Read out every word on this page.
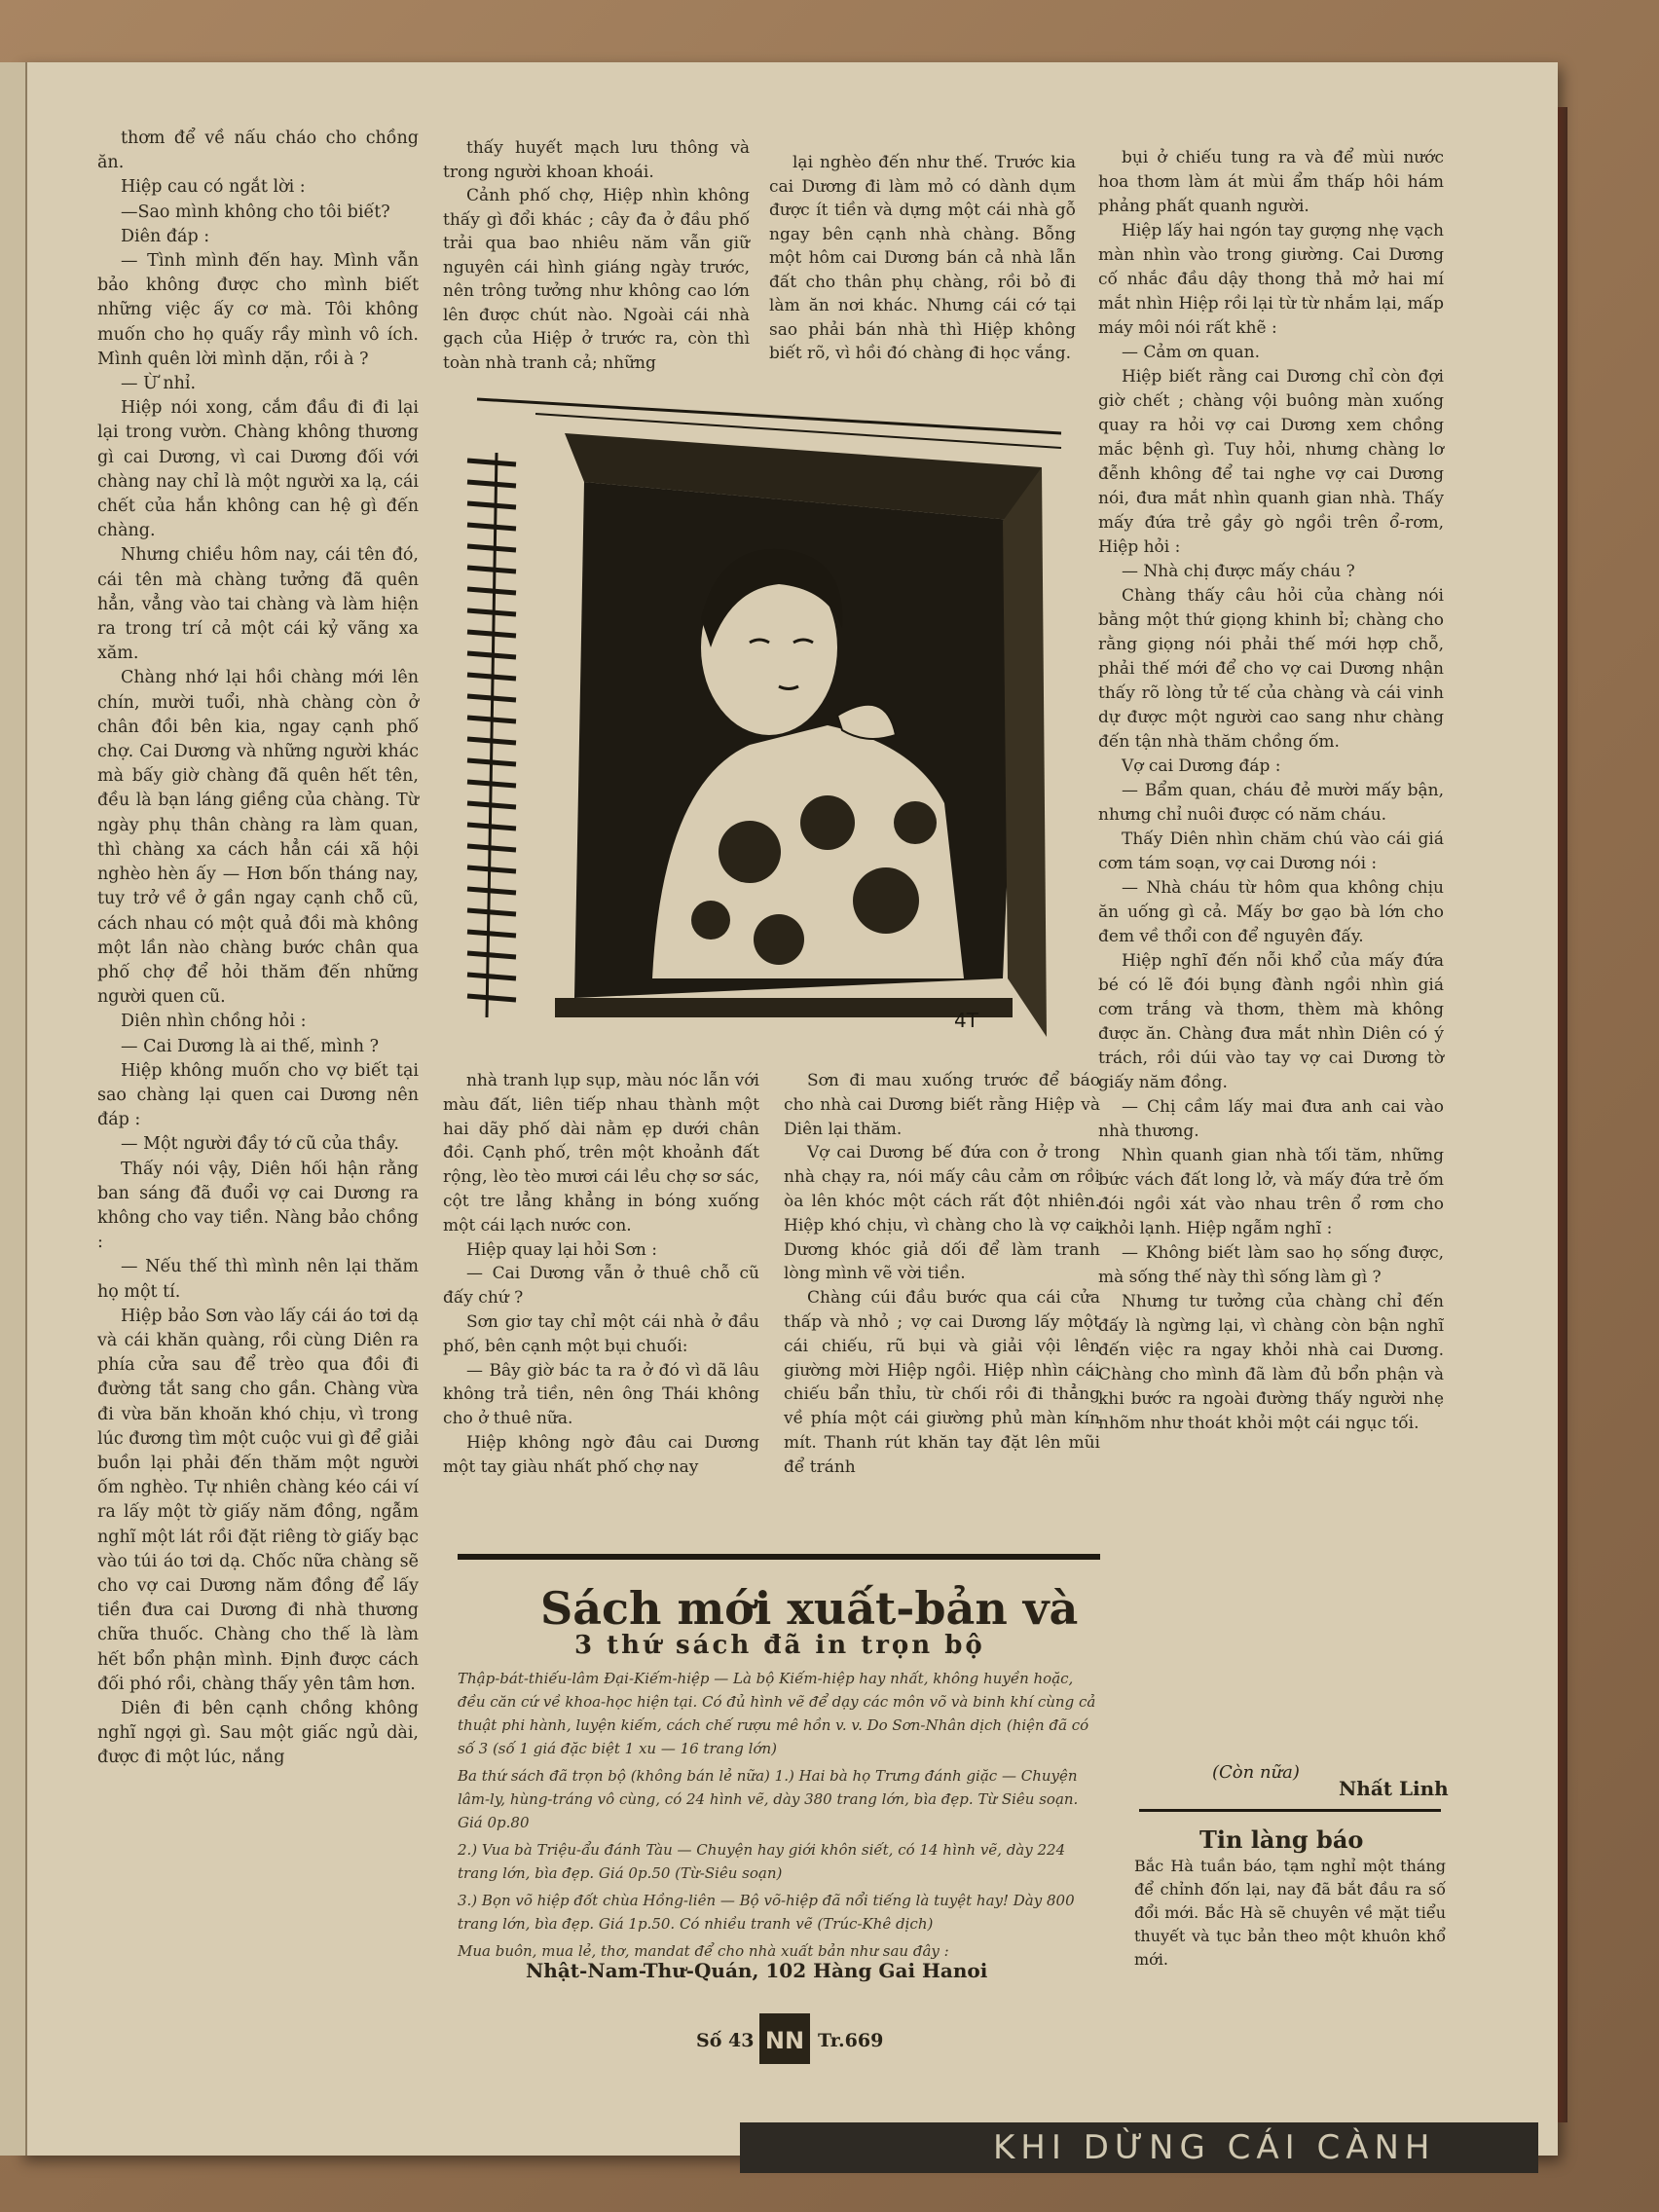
KHI DỪNG CÁI CÀNH

thơm để về nấu cháo cho chồng ăn.

Hiệp cau có ngắt lời :

—Sao mình không cho tôi biết?

Diên đáp :

— Tình mình đến hay. Mình vẫn bảo không được cho mình biết những việc ấy cơ mà. Tôi không muốn cho họ quấy rầy mình vô ích. Mình quên lời mình dặn, rồi à ?

— Ừ nhỉ.

Hiệp nói xong, cắm đầu đi đi lại lại trong vườn. Chàng không thương gì cai Dương, vì cai Dương đối với chàng nay chỉ là một người xa lạ, cái chết của hắn không can hệ gì đến chàng.

Nhưng chiều hôm nay, cái tên đó, cái tên mà chàng tưởng đã quên hẳn, vẳng vào tai chàng và làm hiện ra trong trí cả một cái kỷ vãng xa xăm.

Chàng nhớ lại hồi chàng mới lên chín, mười tuổi, nhà chàng còn ở chân đồi bên kia, ngay cạnh phố chợ. Cai Dương và những người khác mà bấy giờ chàng đã quên hết tên, đều là bạn láng giềng của chàng. Từ ngày phụ thân chàng ra làm quan, thì chàng xa cách hẳn cái xã hội nghèo hèn ấy — Hơn bốn tháng nay, tuy trở về ở gần ngay cạnh chỗ cũ, cách nhau có một quả đồi mà không một lần nào chàng bước chân qua phố chợ để hỏi thăm đến những người quen cũ.

Diên nhìn chồng hỏi :

— Cai Dương là ai thế, mình ?

Hiệp không muốn cho vợ biết tại sao chàng lại quen cai Dương nên đáp :

— Một người đầy tớ cũ của thầy.

Thấy nói vậy, Diên hối hận rằng ban sáng đã đuổi vợ cai Dương ra không cho vay tiền. Nàng bảo chồng :

— Nếu thế thì mình nên lại thăm họ một tí.

Hiệp bảo Sơn vào lấy cái áo tơi dạ và cái khăn quàng, rồi cùng Diên ra phía cửa sau để trèo qua đồi đi đường tắt sang cho gần. Chàng vừa đi vừa băn khoăn khó chịu, vì trong lúc đương tìm một cuộc vui gì để giải buồn lại phải đến thăm một người ốm nghèo. Tự nhiên chàng kéo cái ví ra lấy một tờ giấy năm đồng, ngẫm nghĩ một lát rồi đặt riêng tờ giấy bạc vào túi áo tơi dạ. Chốc nữa chàng sẽ cho vợ cai Dương năm đồng để lấy tiền đưa cai Dương đi nhà thương chữa thuốc. Chàng cho thế là làm hết bổn phận mình. Định được cách đối phó rồi, chàng thấy yên tâm hơn.

Diên đi bên cạnh chồng không nghĩ ngợi gì. Sau một giấc ngủ dài, được đi một lúc, nắng

thấy huyết mạch lưu thông và trong người khoan khoái.

Cảnh phố chợ, Hiệp nhìn không thấy gì đổi khác ; cây đa ở đầu phố trải qua bao nhiêu năm vẫn giữ nguyên cái hình giáng ngày trước, nên trông tưởng như không cao lớn lên được chút nào. Ngoài cái nhà gạch của Hiệp ở trước ra, còn thì toàn nhà tranh cả; những

lại nghèo đến như thế. Trước kia cai Dương đi làm mỏ có dành dụm được ít tiền và dựng một cái nhà gỗ ngay bên cạnh nhà chàng. Bỗng một hôm cai Dương bán cả nhà lẫn đất cho thân phụ chàng, rồi bỏ đi làm ăn nơi khác. Nhưng cái cớ tại sao phải bán nhà thì Hiệp không biết rõ, vì hồi đó chàng đi học vắng.

4T

nhà tranh lụp sụp, màu nóc lẫn với màu đất, liên tiếp nhau thành một hai dãy phố dài nằm ẹp dưới chân đồi. Cạnh phố, trên một khoảnh đất rộng, lèo tèo mươi cái lều chợ sơ sác, cột tre lẳng khẳng in bóng xuống một cái lạch nước con.

Hiệp quay lại hỏi Sơn :

— Cai Dương vẫn ở thuê chỗ cũ đấy chứ ?

Sơn giơ tay chỉ một cái nhà ở đầu phố, bên cạnh một bụi chuối:

— Bây giờ bác ta ra ở đó vì dã lâu không trả tiền, nên ông Thái không cho ở thuê nữa.

Hiệp không ngờ đâu cai Dương một tay giàu nhất phố chợ nay

Sơn đi mau xuống trước để báo cho nhà cai Dương biết rằng Hiệp và Diên lại thăm.

Vợ cai Dương bế đứa con ở trong nhà chạy ra, nói mấy câu cảm ơn rồi òa lên khóc một cách rất đột nhiên. Hiệp khó chịu, vì chàng cho là vợ cai Dương khóc giả dối để làm tranh lòng mình vẽ vời tiền.

Chàng cúi đầu bước qua cái cửa thấp và nhỏ ; vợ cai Dương lấy một cái chiếu, rũ bụi và giải vội lên giường mời Hiệp ngồi. Hiệp nhìn cái chiếu bẩn thỉu, từ chối rồi đi thẳng về phía một cái giường phủ màn kín mít. Thanh rút khăn tay đặt lên mũi để tránh

bụi ở chiếu tung ra và để mùi nước hoa thơm làm át mùi ẩm thấp hôi hám phảng phất quanh người.

Hiệp lấy hai ngón tay gượng nhẹ vạch màn nhìn vào trong giường. Cai Dương cố nhắc đầu dậy thong thả mở hai mí mắt nhìn Hiệp rồi lại từ từ nhắm lại, mấp máy môi nói rất khẽ :

— Cảm ơn quan.

Hiệp biết rằng cai Dương chỉ còn đợi giờ chết ; chàng vội buông màn xuống quay ra hỏi vợ cai Dương xem chồng mắc bệnh gì. Tuy hỏi, nhưng chàng lơ đễnh không để tai nghe vợ cai Dương nói, đưa mắt nhìn quanh gian nhà. Thấy mấy đứa trẻ gầy gò ngồi trên ổ-rơm, Hiệp hỏi :

— Nhà chị được mấy cháu ?

Chàng thấy câu hỏi của chàng nói bằng một thứ giọng khinh bỉ; chàng cho rằng giọng nói phải thế mới hợp chỗ, phải thế mới để cho vợ cai Dương nhận thấy rõ lòng tử tế của chàng và cái vinh dự được một người cao sang như chàng đến tận nhà thăm chồng ốm.

Vợ cai Dương đáp :

— Bẩm quan, cháu đẻ mười mấy bận, nhưng chỉ nuôi được có năm cháu.

Thấy Diên nhìn chăm chú vào cái giá cơm tám soạn, vợ cai Dương nói :

— Nhà cháu từ hôm qua không chịu ăn uống gì cả. Mấy bơ gạo bà lớn cho đem về thổi con để nguyên đấy.

Hiệp nghĩ đến nỗi khổ của mấy đứa bé có lẽ đói bụng đành ngồi nhìn giá cơm trắng và thơm, thèm mà không được ăn. Chàng đưa mắt nhìn Diên có ý trách, rồi dúi vào tay vợ cai Dương tờ giấy năm đồng.

— Chị cầm lấy mai đưa anh cai vào nhà thương.

Nhìn quanh gian nhà tối tăm, những bức vách đất long lở, và mấy đứa trẻ ốm đói ngồi xát vào nhau trên ổ rơm cho khỏi lạnh. Hiệp ngẫm nghĩ :

— Không biết làm sao họ sống được, mà sống thế này thì sống làm gì ?

Nhưng tư tưởng của chàng chỉ đến đấy là ngừng lại, vì chàng còn bận nghĩ đến việc ra ngay khỏi nhà cai Dương. Chàng cho mình đã làm đủ bổn phận và khi bước ra ngoài đường thấy người nhẹ nhõm như thoát khỏi một cái ngục tối.

Sách mới xuất-bản và
3 thứ sách đã in trọn bộ
Thập-bát-thiếu-lâm Đại-Kiếm-hiệp — Là bộ Kiếm-hiệp hay nhất, không huyền hoặc, đều căn cứ về khoa-học hiện tại. Có đủ hình vẽ để dạy các môn võ và binh khí cùng cả thuật phi hành, luyện kiếm, cách chế rượu mê hồn v. v. Do Sơn-Nhân dịch (hiện đã có số 3 (số 1 giá đặc biệt 1 xu — 16 trang lớn)
Ba thứ sách đã trọn bộ (không bán lẻ nữa) 1.) Hai bà họ Trưng đánh giặc — Chuyện lâm-ly, hùng-tráng vô cùng, có 24 hình vẽ, dày 380 trang lớn, bìa đẹp. Từ Siêu soạn. Giá 0p.80
2.) Vua bà Triệu-ẩu đánh Tàu — Chuyện hay giới khôn siết, có 14 hình vẽ, dày 224 trang lớn, bìa đẹp. Giá 0p.50 (Từ-Siêu soạn)
3.) Bọn võ hiệp đốt chùa Hồng-liên — Bộ võ-hiệp đã nổi tiếng là tuyệt hay! Dày 800 trang lớn, bìa đẹp. Giá 1p.50. Có nhiều tranh vẽ (Trúc-Khê dịch)
Mua buôn, mua lẻ, thơ, mandat để cho nhà xuất bản như sau đây :
Nhật-Nam-Thư-Quán, 102 Hàng Gai Hanoi
(Còn nữa)
Nhất Linh
Tin làng báo
Bắc Hà tuần báo, tạm nghỉ một tháng để chỉnh đốn lại, nay đã bắt đầu ra số đổi mới. Bắc Hà sẽ chuyên về mặt tiểu thuyết và tục bản theo một khuôn khổ mới.
Số 43 NN Tr.669
